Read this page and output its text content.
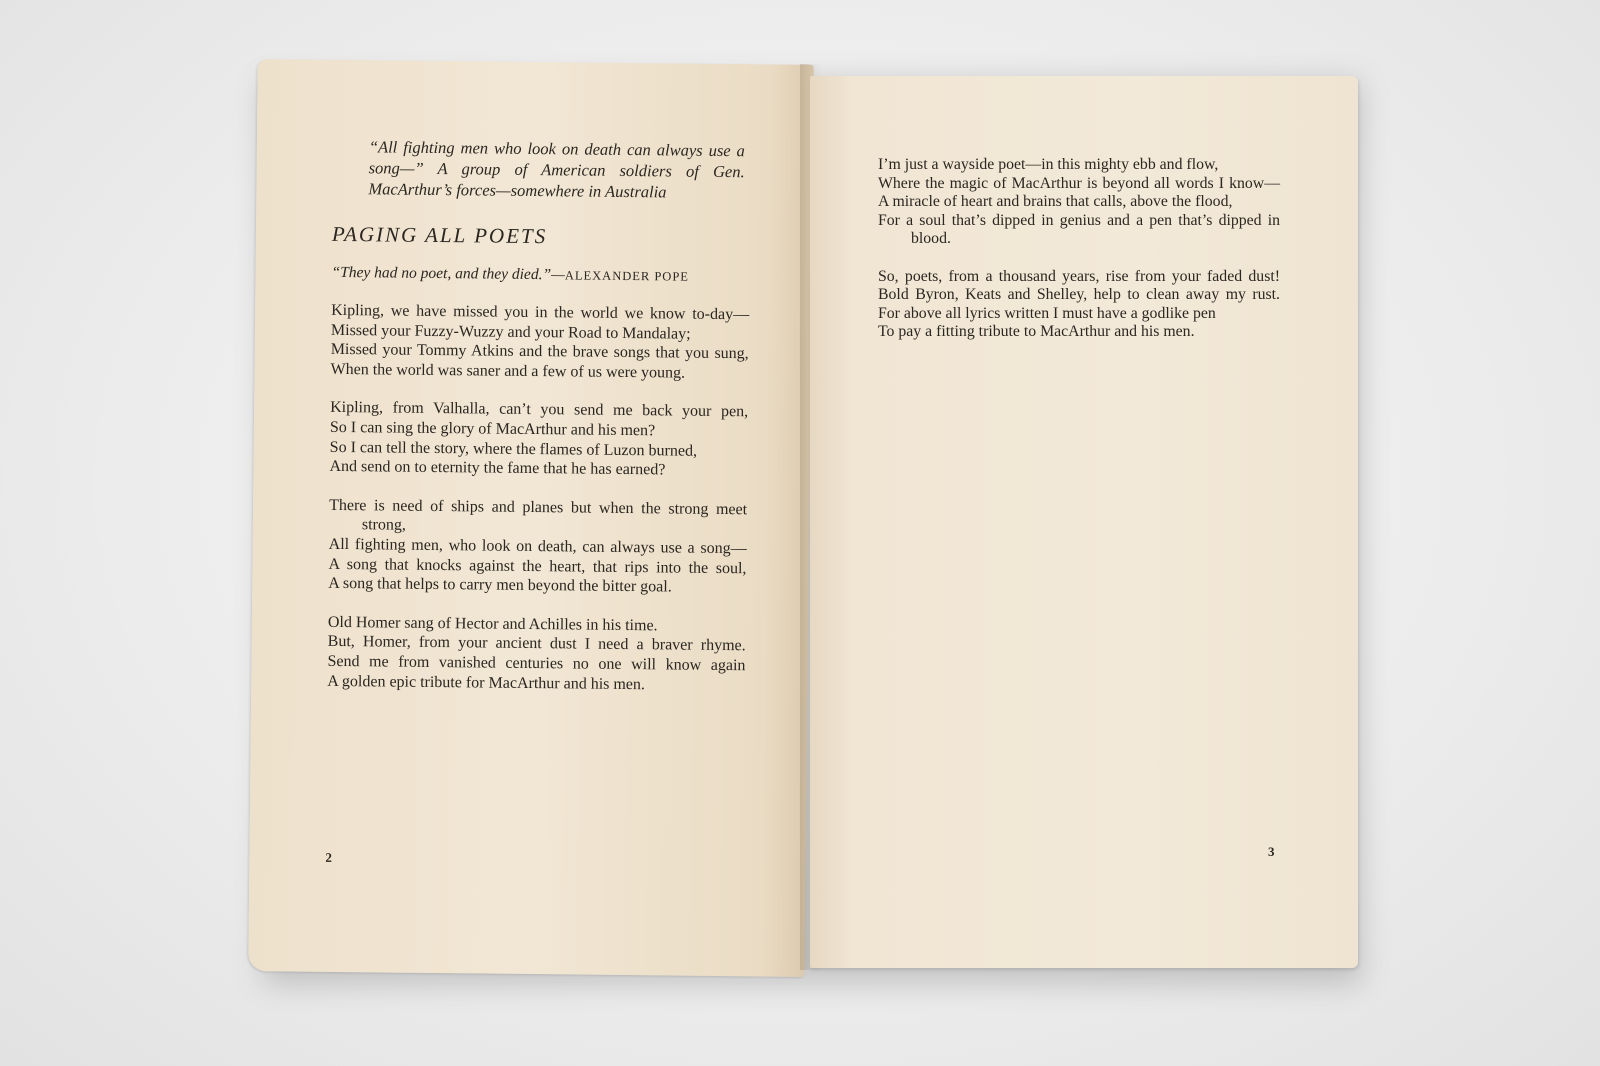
“All fighting men who look on death can always use a song—” A group of American soldiers of Gen. MacArthur’s forces—somewhere in Australia
PAGING ALL POETS
“They had no poet, and they died.”—ALEXANDER POPE
Kipling, we have missed you in the world we know to-day—
Missed your Fuzzy-Wuzzy and your Road to Mandalay;
Missed your Tommy Atkins and the brave songs that you sung,
When the world was saner and a few of us were young.
Kipling, from Valhalla, can’t you send me back your pen,
So I can sing the glory of MacArthur and his men?
So I can tell the story, where the flames of Luzon burned,
And send on to eternity the fame that he has earned?
There is need of ships and planes but when the strong meet strong,
All fighting men, who look on death, can always use a song—
A song that knocks against the heart, that rips into the soul,
A song that helps to carry men beyond the bitter goal.
Old Homer sang of Hector and Achilles in his time.
But, Homer, from your ancient dust I need a braver rhyme.
Send me from vanished centuries no one will know again
A golden epic tribute for MacArthur and his men.
2
I’m just a wayside poet—in this mighty ebb and flow,
Where the magic of MacArthur is beyond all words I know—
A miracle of heart and brains that calls, above the flood,
For a soul that’s dipped in genius and a pen that’s dipped in blood.
So, poets, from a thousand years, rise from your faded dust!
Bold Byron, Keats and Shelley, help to clean away my rust.
For above all lyrics written I must have a godlike pen
To pay a fitting tribute to MacArthur and his men.
3
